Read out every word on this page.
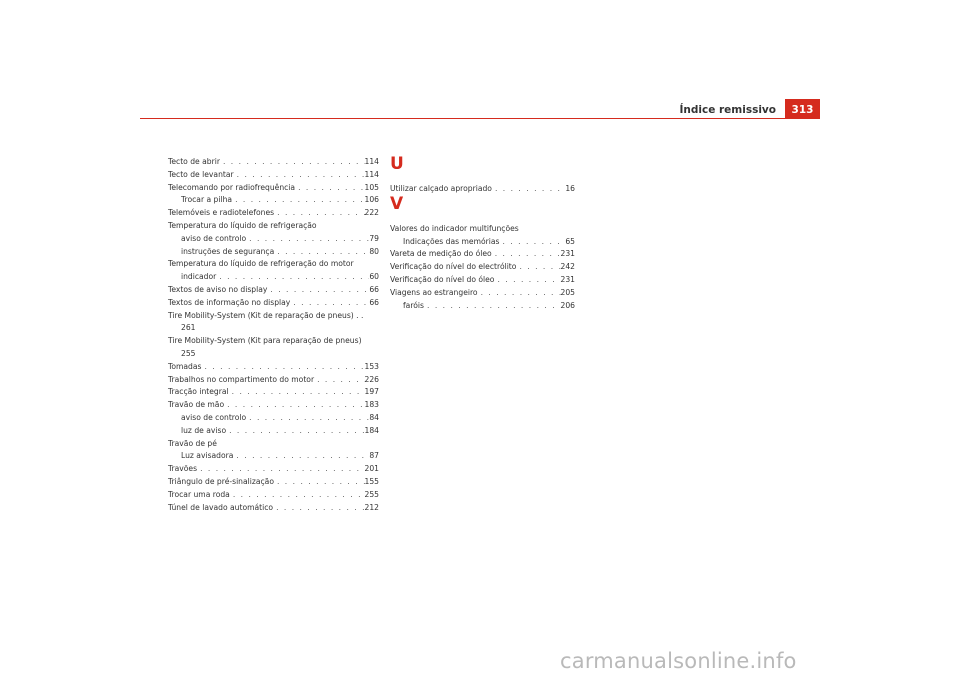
Índice remissivo	313
Tecto de abrir . . .	114
Tecto de levantar . . .	114
Telecomando por radiofrequência . . .	105
Trocar a pilha . . .	106
Telemóveis e radiotelefones . . .	222
Temperatura do líquido de refrigeração
aviso de controlo . . .	79
instruções de segurança . . .	80
Temperatura do líquido de refrigeração do motor
indicador . . .	60
Textos de aviso no display . . .	66
Textos de informação no display . . .	66
Tire Mobility-System (Kit de reparação de pneus) . .
261
Tire Mobility-System (Kit para reparação de pneus)
255
Tomadas . . .	153
Trabalhos no compartimento do motor . . .	226
Tracção integral . . .	197
Travão de mão . . .	183
aviso de controlo . . .	84
luz de aviso . . .	184
Travão de pé
Luz avisadora . . .	87
Travões . . .	201
Triângulo de pré-sinalização . . .	155
Trocar uma roda . . .	255
Túnel de lavado automático . . .	212
U
Utilizar calçado apropriado . . .	16
V
Valores do indicador multifunções
Indicações das memórias . . .	65
Vareta de medição do óleo . . .	231
Verificação do nível do electrólito . . .	242
Verificação do nível do óleo . . .	231
Viagens ao estrangeiro . . .	205
faróis . . .	206
carmanualsonline.info
